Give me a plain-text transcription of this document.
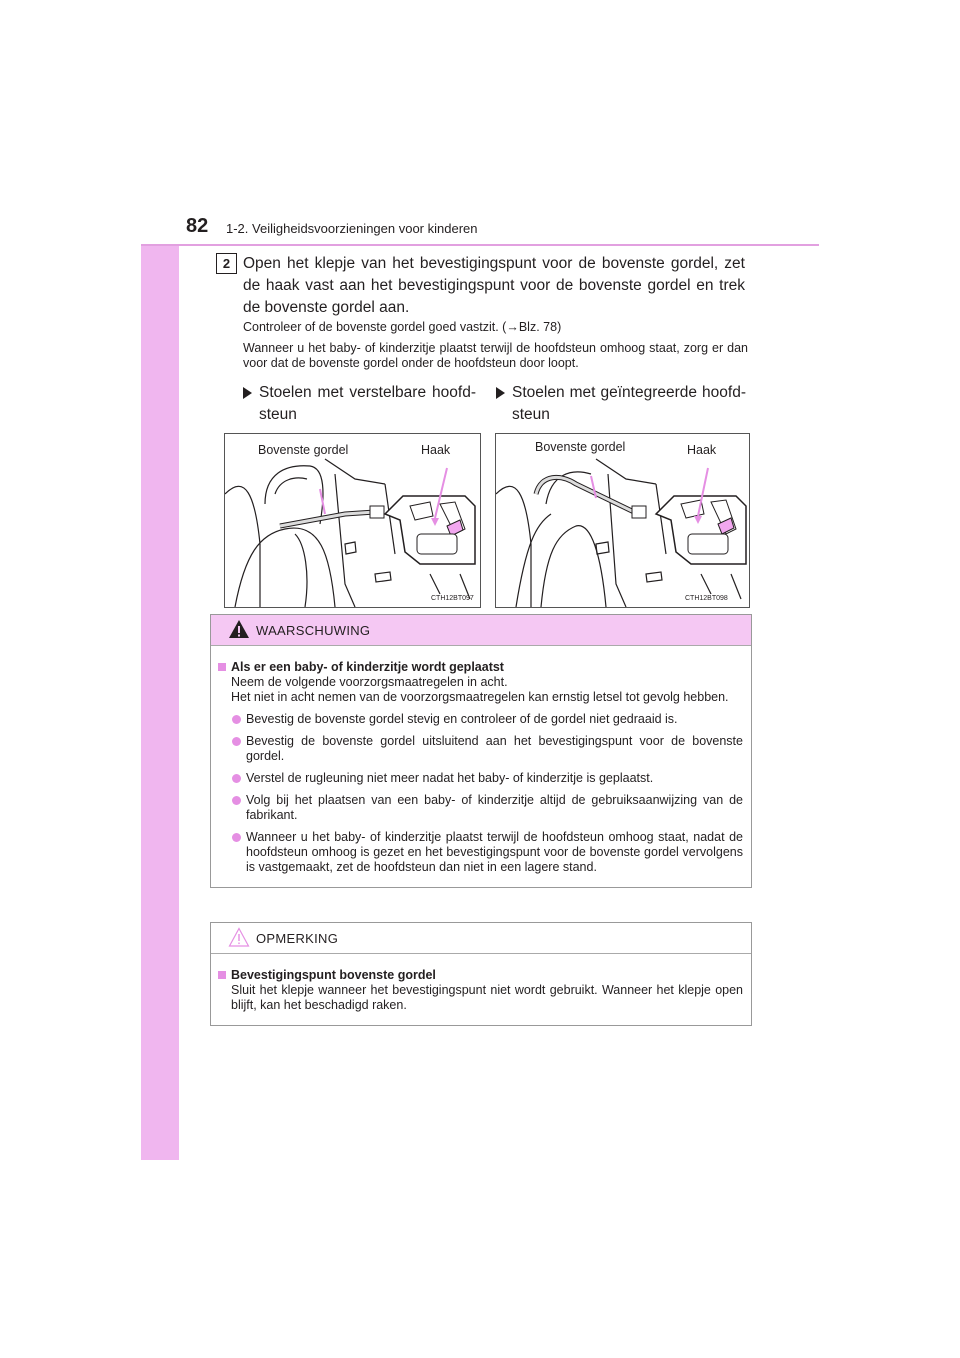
82 1-2. Veiligheidsvoorzieningen voor kinderen
2 Open het klepje van het bevestigingspunt voor de bovenste gordel, zet de haak vast aan het bevestigingspunt voor de bovenste gordel en trek de bovenste gordel aan.
Controleer of de bovenste gordel goed vastzit. (→Blz. 78)
Wanneer u het baby- of kinderzitje plaatst terwijl de hoofdsteun omhoog staat, zorg er dan voor dat de bovenste gordel onder de hoofdsteun door loopt.
Stoelen met verstelbare hoofd-steun
Stoelen met geïntegreerde hoofd-steun
Bovenste gordel	Haak
CTH12BT097
Bovenste gordel	Haak
CTH12BT098
WAARSCHUWING
Als er een baby- of kinderzitje wordt geplaatst
Neem de volgende voorzorgsmaatregelen in acht.
Het niet in acht nemen van de voorzorgsmaatregelen kan ernstig letsel tot gevolg hebben.
Bevestig de bovenste gordel stevig en controleer of de gordel niet gedraaid is.
Bevestig de bovenste gordel uitsluitend aan het bevestigingspunt voor de bovenste gordel.
Verstel de rugleuning niet meer nadat het baby- of kinderzitje is geplaatst.
Volg bij het plaatsen van een baby- of kinderzitje altijd de gebruiksaanwijzing van de fabrikant.
Wanneer u het baby- of kinderzitje plaatst terwijl de hoofdsteun omhoog staat, nadat de hoofdsteun omhoog is gezet en het bevestigingspunt voor de bovenste gordel vervolgens is vastgemaakt, zet de hoofdsteun dan niet in een lagere stand.
OPMERKING
Bevestigingspunt bovenste gordel
Sluit het klepje wanneer het bevestigingspunt niet wordt gebruikt. Wanneer het klepje open blijft, kan het beschadigd raken.
